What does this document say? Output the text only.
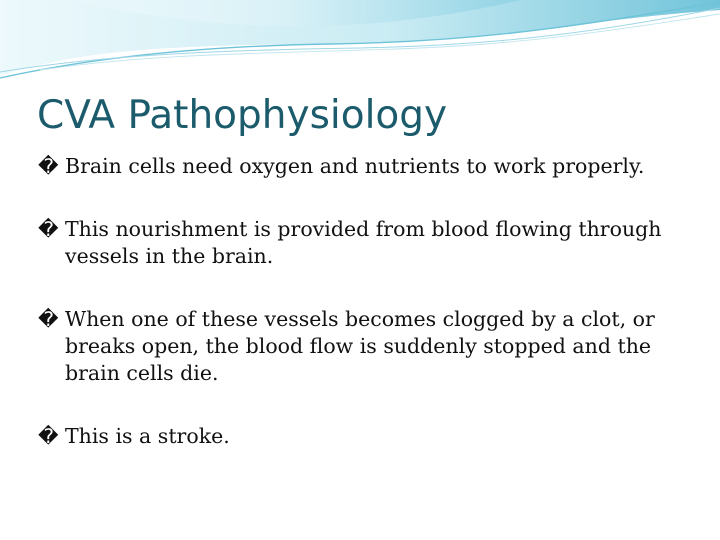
CVA Pathophysiology
� Brain cells need oxygen and nutrients to work properly.
� This nourishment is provided from blood flowing through vessels in the brain.
� When one of these vessels becomes clogged by a clot, or breaks open, the blood flow is suddenly stopped and the brain cells die.
� This is a stroke.
